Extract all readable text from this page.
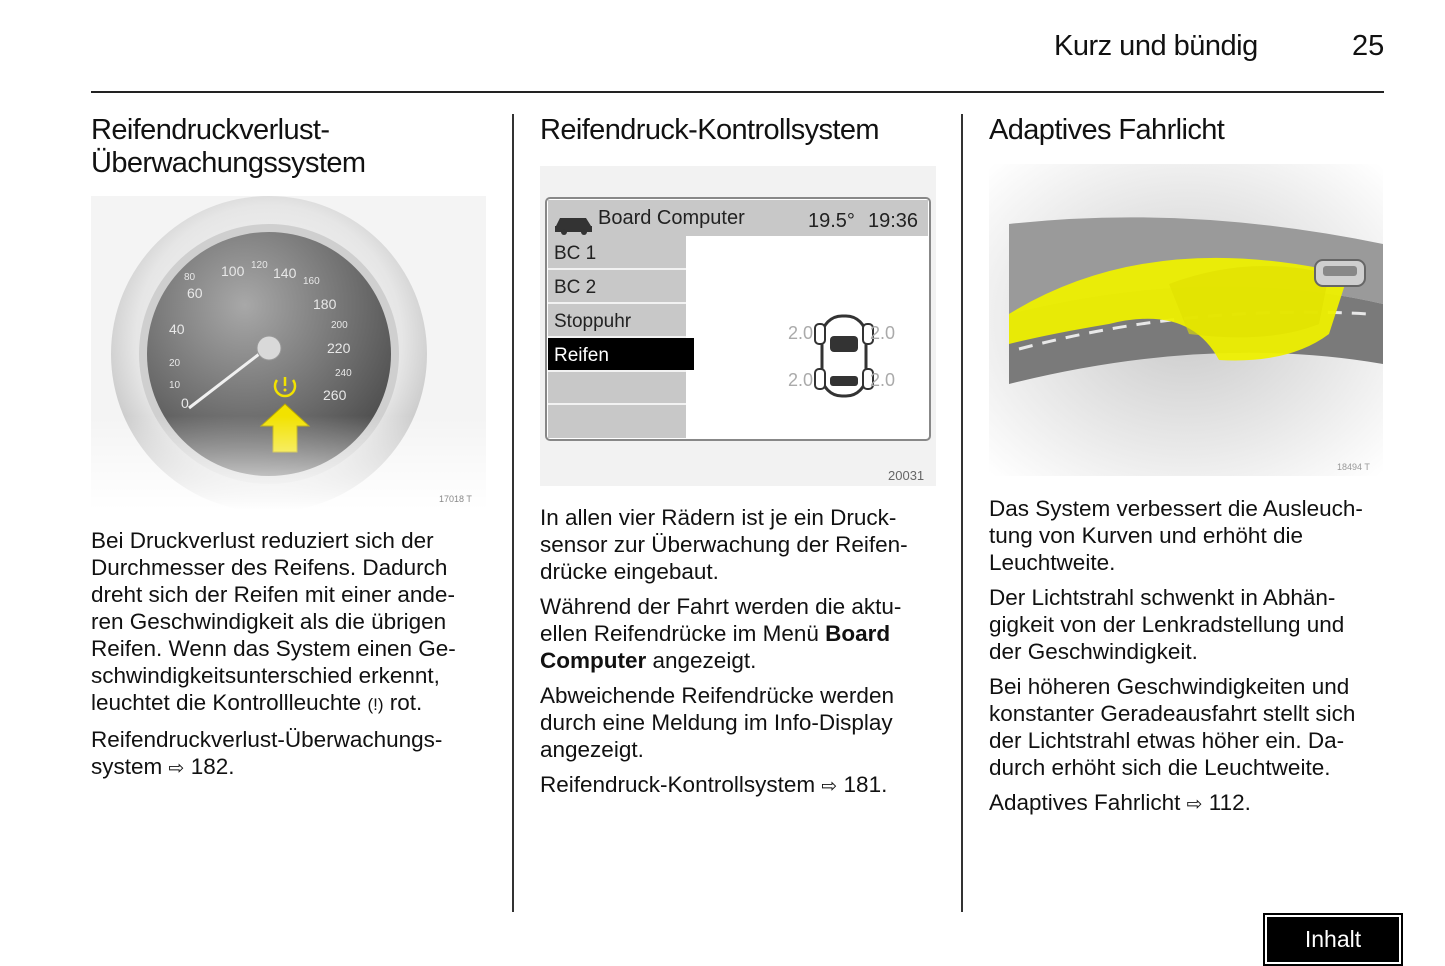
Kurz und bündig	25
Reifendruckverlust-
Überwachungssystem
17018 T

Bei Druckverlust reduziert sich der
Durchmesser des Reifens. Dadurch
dreht sich der Reifen mit einer ande-
ren Geschwindigkeit als die übrigen
Reifen. Wenn das System einen Ge-
schwindigkeitsunterschied erkennt,
leuchtet die Kontrollleuchte (!) rot.

Reifendruckverlust-Überwachungs-
system ⇨ 182.

Reifendruck-Kontrollsystem
Board Computer	19.5° 19:36
BC 1
BC 2
Stoppuhr
Reifen
2.0	2.0
2.0	2.0
20031

In allen vier Rädern ist je ein Druck-
sensor zur Überwachung der Reifen-
drücke eingebaut.

Während der Fahrt werden die aktu-
ellen Reifendrücke im Menü Board
Computer angezeigt.

Abweichende Reifendrücke werden
durch eine Meldung im Info-Display
angezeigt.

Reifendruck-Kontrollsystem ⇨ 181.

Adaptives Fahrlicht
18494 T

Das System verbessert die Ausleuch-
tung von Kurven und erhöht die
Leuchtweite.

Der Lichtstrahl schwenkt in Abhän-
gigkeit von der Lenkradstellung und
der Geschwindigkeit.

Bei höheren Geschwindigkeiten und
konstanter Geradeausfahrt stellt sich
der Lichtstrahl etwas höher ein. Da-
durch erhöht sich die Leuchtweite.

Adaptives Fahrlicht ⇨ 112.

Inhalt
